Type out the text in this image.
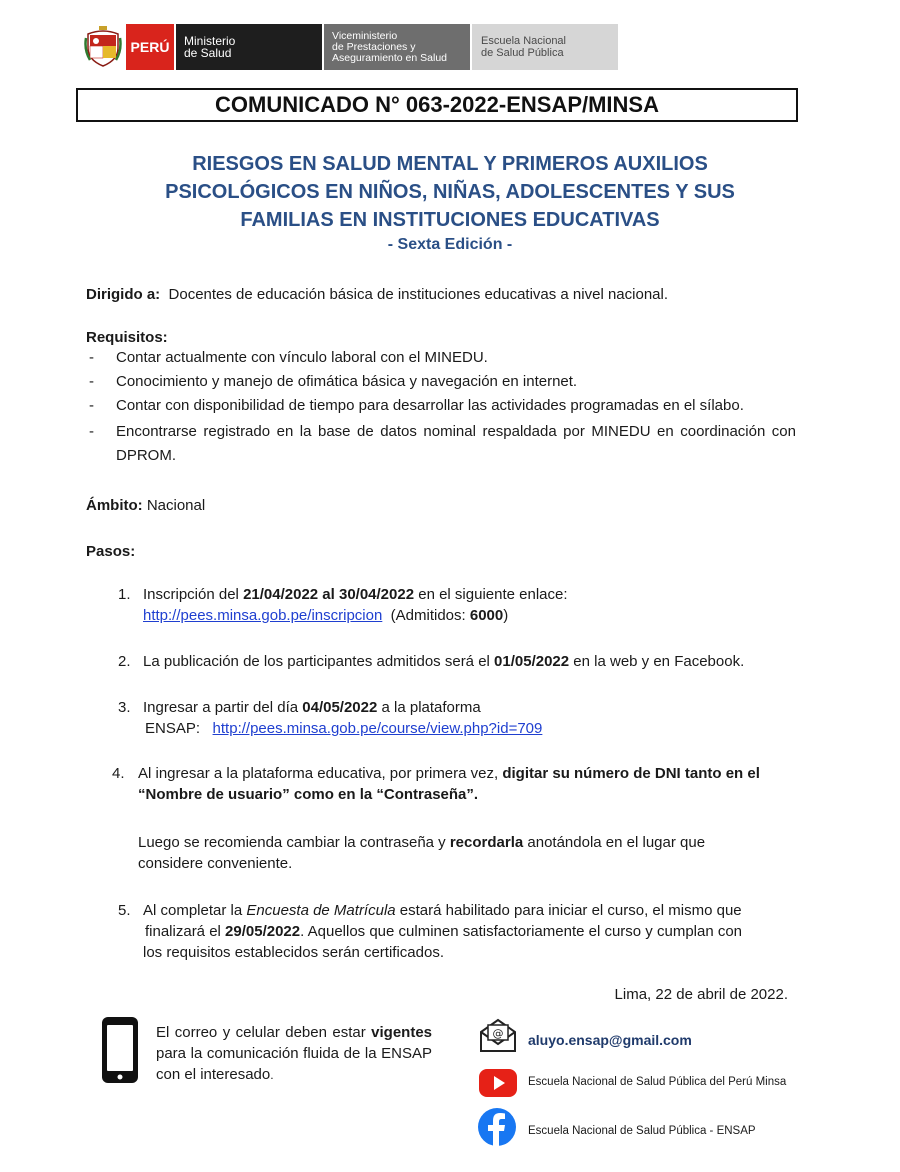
PERÚ Ministerio
de Salud
Viceministerio
de Prestaciones y
Aseguramiento en Salud
Escuela Nacional
de Salud Pública
COMUNICADO N° 063-2022-ENSAP/MINSA
RIESGOS EN SALUD MENTAL Y PRIMEROS AUXILIOS
PSICOLÓGICOS EN NIÑOS, NIÑAS, ADOLESCENTES Y SUS
FAMILIAS EN INSTITUCIONES EDUCATIVAS
- Sexta Edición -
Dirigido a: Docentes de educación básica de instituciones educativas a nivel nacional.
Requisitos:
- Contar actualmente con vínculo laboral con el MINEDU.
- Conocimiento y manejo de ofimática básica y navegación en internet.
- Contar con disponibilidad de tiempo para desarrollar las actividades programadas en el sílabo.
- Encontrarse registrado en la base de datos nominal respaldada por MINEDU en coordinación con DPROM.
Ámbito: Nacional
Pasos:
1. Inscripción del 21/04/2022 al 30/04/2022 en el siguiente enlace:
http://pees.minsa.gob.pe/inscripcion (Admitidos: 6000)
2. La publicación de los participantes admitidos será el 01/05/2022 en la web y en Facebook.
3. Ingresar a partir del día 04/05/2022 a la plataforma
ENSAP: http://pees.minsa.gob.pe/course/view.php?id=709
4. Al ingresar a la plataforma educativa, por primera vez, digitar su número de DNI tanto en el “Nombre de usuario” como en la “Contraseña”.
Luego se recomienda cambiar la contraseña y recordarla anotándola en el lugar que considere conveniente.
5. Al completar la Encuesta de Matrícula estará habilitado para iniciar el curso, el mismo que
finalizará el 29/05/2022. Aquellos que culminen satisfactoriamente el curso y cumplan con
los requisitos establecidos serán certificados.
Lima, 22 de abril de 2022.
El correo y celular deben estar vigentes para la comunicación fluida de la ENSAP con el interesado.
@ aluyo.ensap@gmail.com
Escuela Nacional de Salud Pública del Perú Minsa
Escuela Nacional de Salud Pública - ENSAP
